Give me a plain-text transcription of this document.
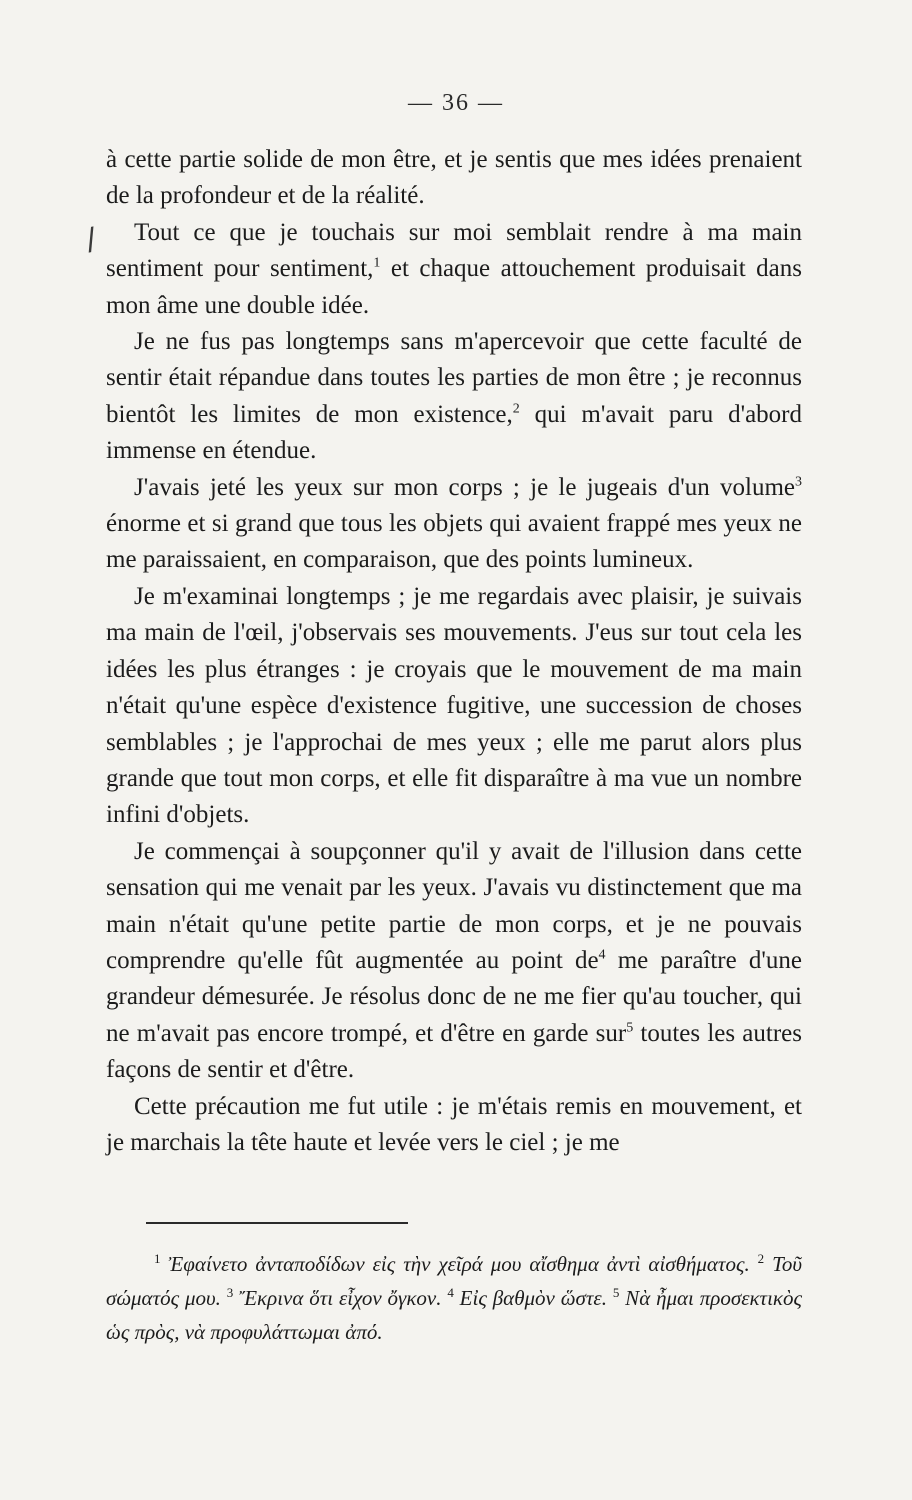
— 36 —
/

à cette partie solide de mon être, et je sentis que mes idées prenaient de la profondeur et de la réalité.

Tout ce que je touchais sur moi semblait rendre à ma main sentiment pour sentiment,$^1$ et chaque attouchement produisait dans mon âme une double idée.

Je ne fus pas longtemps sans m'apercevoir que cette faculté de sentir était répandue dans toutes les parties de mon être ; je reconnus bientôt les limites de mon existence,$^2$ qui m'avait paru d'abord immense en étendue.

J'avais jeté les yeux sur mon corps ; je le jugeais d'un volume$^3$ énorme et si grand que tous les objets qui avaient frappé mes yeux ne me paraissaient, en comparaison, que des points lumineux.

Je m'examinai longtemps ; je me regardais avec plaisir, je suivais ma main de l'œil, j'observais ses mouvements. J'eus sur tout cela les idées les plus étranges : je croyais que le mouvement de ma main n'était qu'une espèce d'existence fugitive, une succession de choses semblables ; je l'approchai de mes yeux ; elle me parut alors plus grande que tout mon corps, et elle fit disparaître à ma vue un nombre infini d'objets.

Je commençai à soupçonner qu'il y avait de l'illusion dans cette sensation qui me venait par les yeux. J'avais vu distinctement que ma main n'était qu'une petite partie de mon corps, et je ne pouvais comprendre qu'elle fût augmentée au point $de^4$ me paraître d'une grandeur démesurée. Je résolus donc de ne me fier qu'au toucher, qui ne m'avait pas encore trompé, et d'être en garde sur$^5$ toutes les autres façons de sentir et d'être.

Cette précaution me fut utile : je m'étais remis en mouvement, et je marchais la tête haute et levée vers le ciel ; je me

$^1$ Ἐφαίνετο ἀνταποδίδων εἰς τὴν χεῖρά μου αἴσθημα ἀντὶ αἰσθήματος. $^2$ Τοῦ σώματός μου. $^3$ Ἔκρινα ὅτι εἶχον ὄγκον. $^4$ Εἰς βαθμὸν ὥστε. $^5$ Νὰ ἦμαι προσεκτικὸς ὡς πρὸς, νὰ προφυλάττωμαι ἀπό.
